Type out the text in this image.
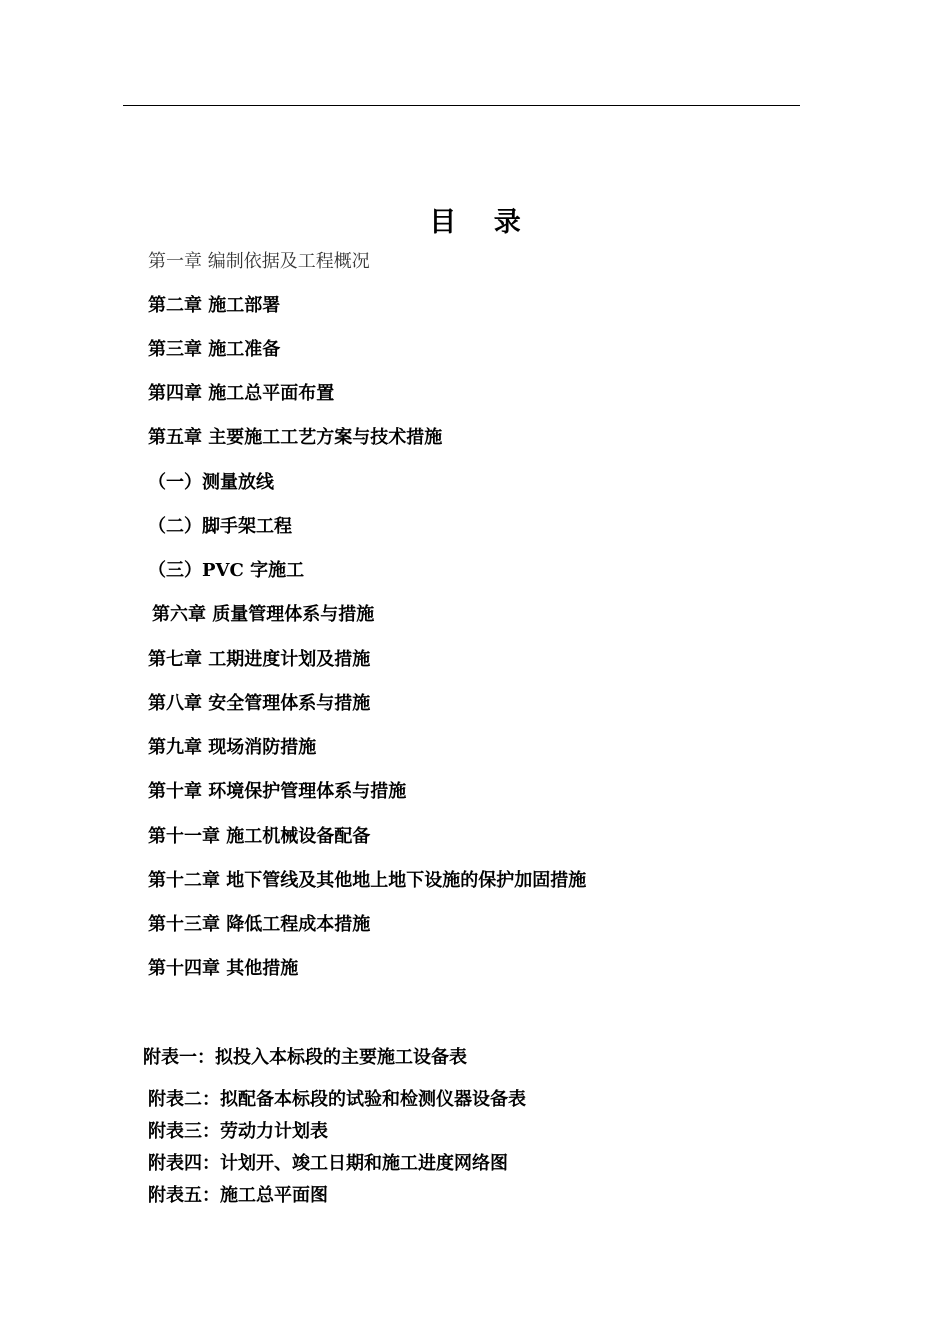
目 录
第一章 编制依据及工程概况
第二章 施工部署
第三章 施工准备
第四章 施工总平面布置
第五章 主要施工工艺方案与技术措施
（一）测量放线
（二）脚手架工程
（三）PVC 字施工
第六章 质量管理体系与措施
第七章 工期进度计划及措施
第八章 安全管理体系与措施
第九章 现场消防措施
第十章 环境保护管理体系与措施
第十一章 施工机械设备配备
第十二章 地下管线及其他地上地下设施的保护加固措施
第十三章 降低工程成本措施
第十四章 其他措施
附表一：拟投入本标段的主要施工设备表
附表二：拟配备本标段的试验和检测仪器设备表
附表三：劳动力计划表
附表四：计划开、竣工日期和施工进度网络图
附表五：施工总平面图
